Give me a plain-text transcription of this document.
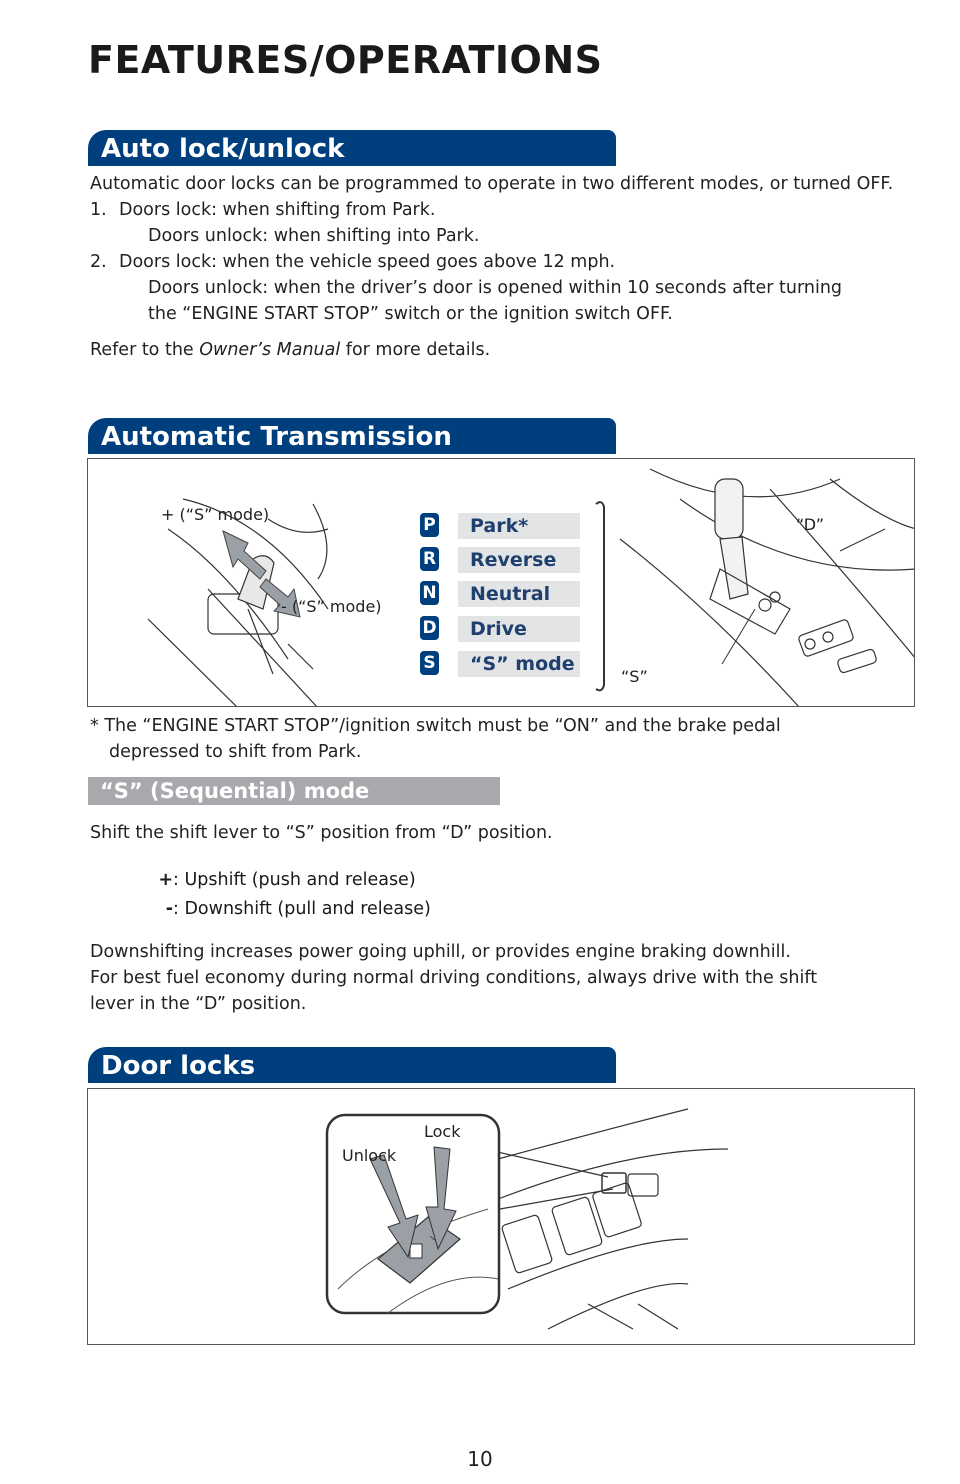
FEATURES/OPERATIONS
Auto lock/unlock

Automatic door locks can be programmed to operate in two different modes, or turned OFF.

1. Doors lock: when shifting from Park.
Doors unlock: when shifting into Park.
2. Doors lock: when the vehicle speed goes above 12 mph.
Doors unlock: when the driver’s door is opened within 10 seconds after turning the “ENGINE START STOP” switch or the ignition switch OFF.

Refer to the Owner’s Manual for more details.

Automatic Transmission
+ (“S” mode)
- (“S” mode)
P	Park*
R	Reverse
N	Neutral
D	Drive
S	“S” mode
“D”
“S”
* The “ENGINE START STOP”/ignition switch must be “ON” and the brake pedal
depressed to shift from Park.
“S” (Sequential) mode
Shift the shift lever to “S” position from “D” position.
+: Upshift (push and release)
-: Downshift (pull and release)
Downshifting increases power going uphill, or provides engine braking downhill.
For best fuel economy during normal driving conditions, always drive with the shift
lever in the “D” position.
Door locks
Lock
Unlock
10
